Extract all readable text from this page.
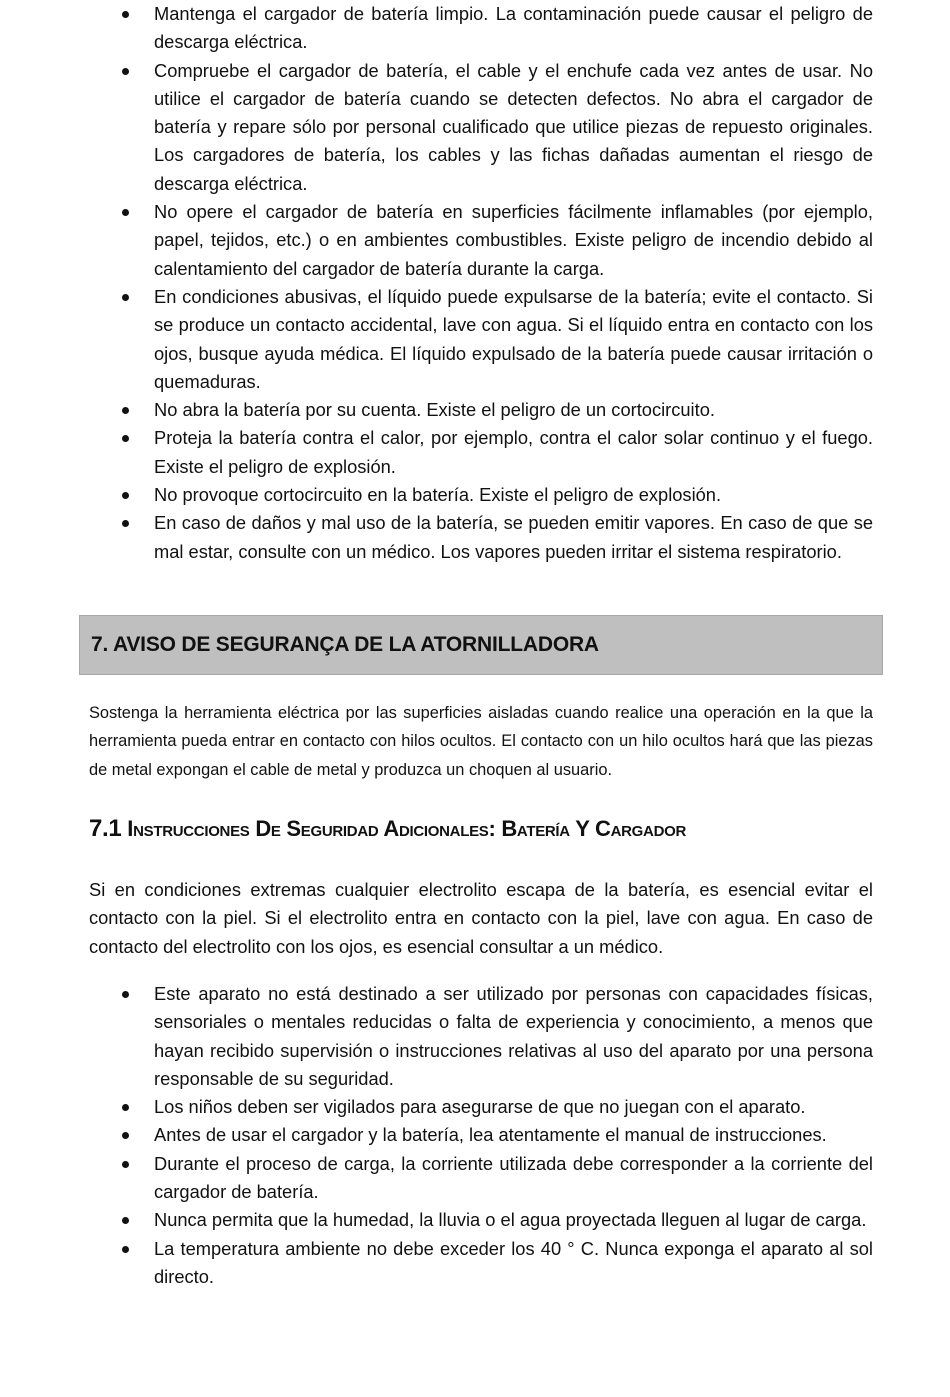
Mantenga el cargador de batería limpio. La contaminación puede causar el peligro de descarga eléctrica.
Compruebe el cargador de batería, el cable y el enchufe cada vez antes de usar. No utilice el cargador de batería cuando se detecten defectos. No abra el cargador de batería y repare sólo por personal cualificado que utilice piezas de repuesto originales. Los cargadores de batería, los cables y las fichas dañadas aumentan el riesgo de descarga eléctrica.
No opere el cargador de batería en superficies fácilmente inflamables (por ejemplo, papel, tejidos, etc.) o en ambientes combustibles. Existe peligro de incendio debido al calentamiento del cargador de batería durante la carga.
En condiciones abusivas, el líquido puede expulsarse de la batería; evite el contacto. Si se produce un contacto accidental, lave con agua. Si el líquido entra en contacto con los ojos, busque ayuda médica. El líquido expulsado de la batería puede causar irritación o quemaduras.
No abra la batería por su cuenta. Existe el peligro de un cortocircuito.
Proteja la batería contra el calor, por ejemplo, contra el calor solar continuo y el fuego. Existe el peligro de explosión.
No provoque cortocircuito en la batería. Existe el peligro de explosión.
En caso de daños y mal uso de la batería, se pueden emitir vapores. En caso de que se mal estar, consulte con un médico. Los vapores pueden irritar el sistema respiratorio.
7. AVISO DE SEGURANÇA DE LA ATORNILLADORA
Sostenga la herramienta eléctrica por las superficies aisladas cuando realice una operación en la que la herramienta pueda entrar en contacto con hilos ocultos. El contacto con un hilo ocultos hará que las piezas de metal expongan el cable de metal y produzca un choquen al usuario.
7.1 Instrucciones De Seguridad Adicionales: Batería Y Cargador
Si en condiciones extremas cualquier electrolito escapa de la batería, es esencial evitar el contacto con la piel. Si el electrolito entra en contacto con la piel, lave con agua. En caso de contacto del electrolito con los ojos, es esencial consultar a un médico.
Este aparato no está destinado a ser utilizado por personas con capacidades físicas, sensoriales o mentales reducidas o falta de experiencia y conocimiento, a menos que hayan recibido supervisión o instrucciones relativas al uso del aparato por una persona responsable de su seguridad.
Los niños deben ser vigilados para asegurarse de que no juegan con el aparato.
Antes de usar el cargador y la batería, lea atentamente el manual de instrucciones.
Durante el proceso de carga, la corriente utilizada debe corresponder a la corriente del cargador de batería.
Nunca permita que la humedad, la lluvia o el agua proyectada lleguen al lugar de carga.
La temperatura ambiente no debe exceder los 40 ° C. Nunca exponga el aparato al sol directo.
